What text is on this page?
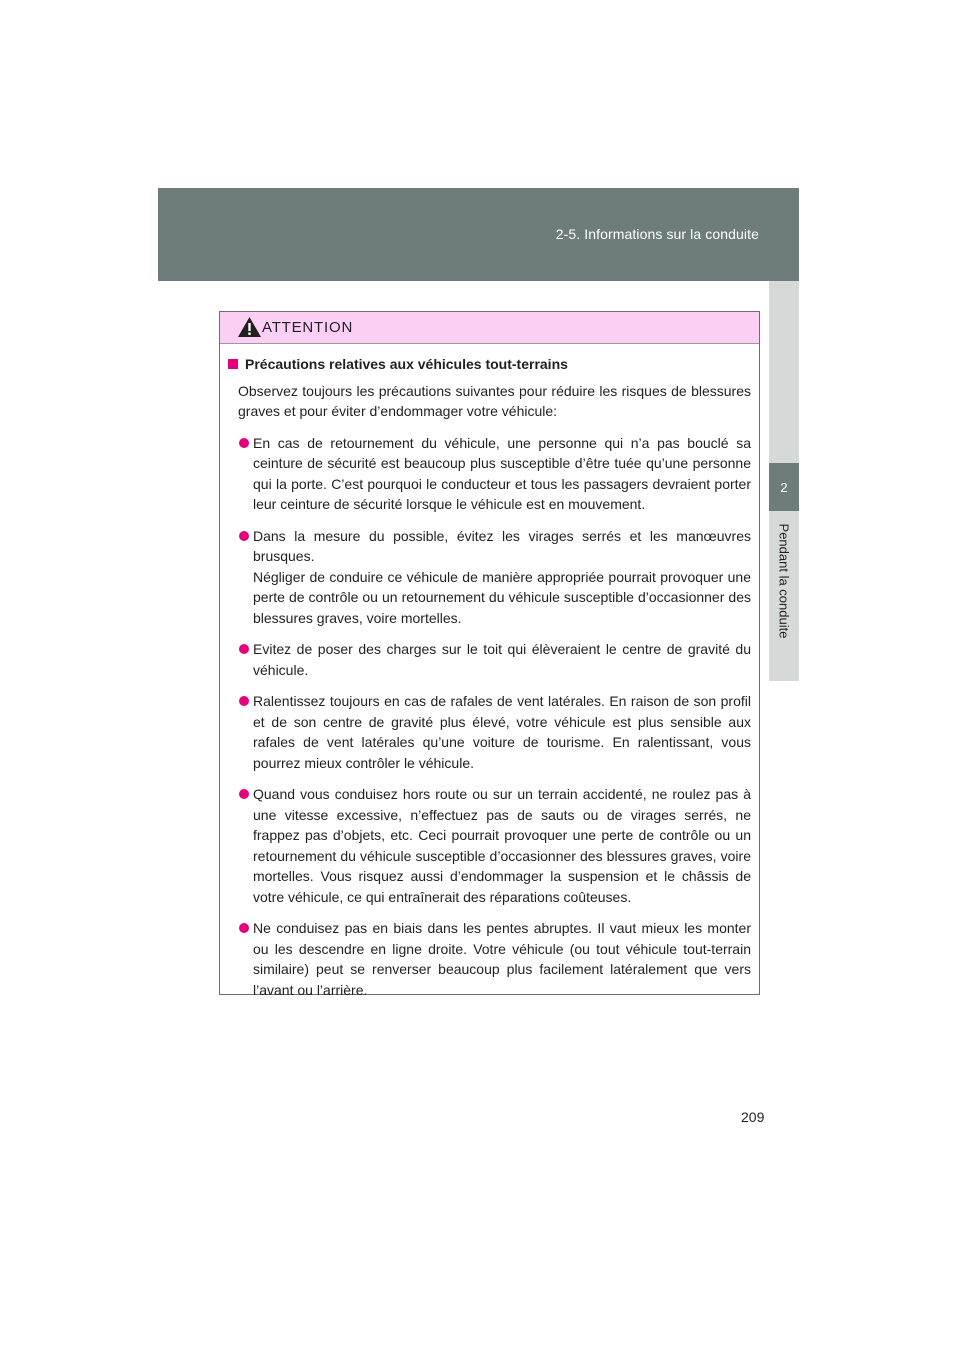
2-5. Informations sur la conduite
2
Pendant la conduite
ATTENTION
Précautions relatives aux véhicules tout-terrains
Observez toujours les précautions suivantes pour réduire les risques de blessures graves et pour éviter d’endommager votre véhicule:
En cas de retournement du véhicule, une personne qui n’a pas bouclé sa ceinture de sécurité est beaucoup plus susceptible d’être tuée qu’une personne qui la porte. C’est pourquoi le conducteur et tous les passagers devraient porter leur ceinture de sécurité lorsque le véhicule est en mouvement.
Dans la mesure du possible, évitez les virages serrés et les manœuvres brusques.
Négliger de conduire ce véhicule de manière appropriée pourrait provoquer une perte de contrôle ou un retournement du véhicule susceptible d’occasionner des blessures graves, voire mortelles.
Evitez de poser des charges sur le toit qui élèveraient le centre de gravité du véhicule.
Ralentissez toujours en cas de rafales de vent latérales. En raison de son profil et de son centre de gravité plus élevé, votre véhicule est plus sensible aux rafales de vent latérales qu’une voiture de tourisme. En ralentissant, vous pourrez mieux contrôler le véhicule.
Quand vous conduisez hors route ou sur un terrain accidenté, ne roulez pas à une vitesse excessive, n’effectuez pas de sauts ou de virages serrés, ne frappez pas d’objets, etc. Ceci pourrait provoquer une perte de contrôle ou un retournement du véhicule susceptible d’occasionner des blessures graves, voire mortelles. Vous risquez aussi d’endommager la suspension et le châssis de votre véhicule, ce qui entraînerait des réparations coûteuses.
Ne conduisez pas en biais dans les pentes abruptes. Il vaut mieux les monter ou les descendre en ligne droite. Votre véhicule (ou tout véhicule tout-terrain similaire) peut se renverser beaucoup plus facilement latéralement que vers l’avant ou l’arrière.
209
